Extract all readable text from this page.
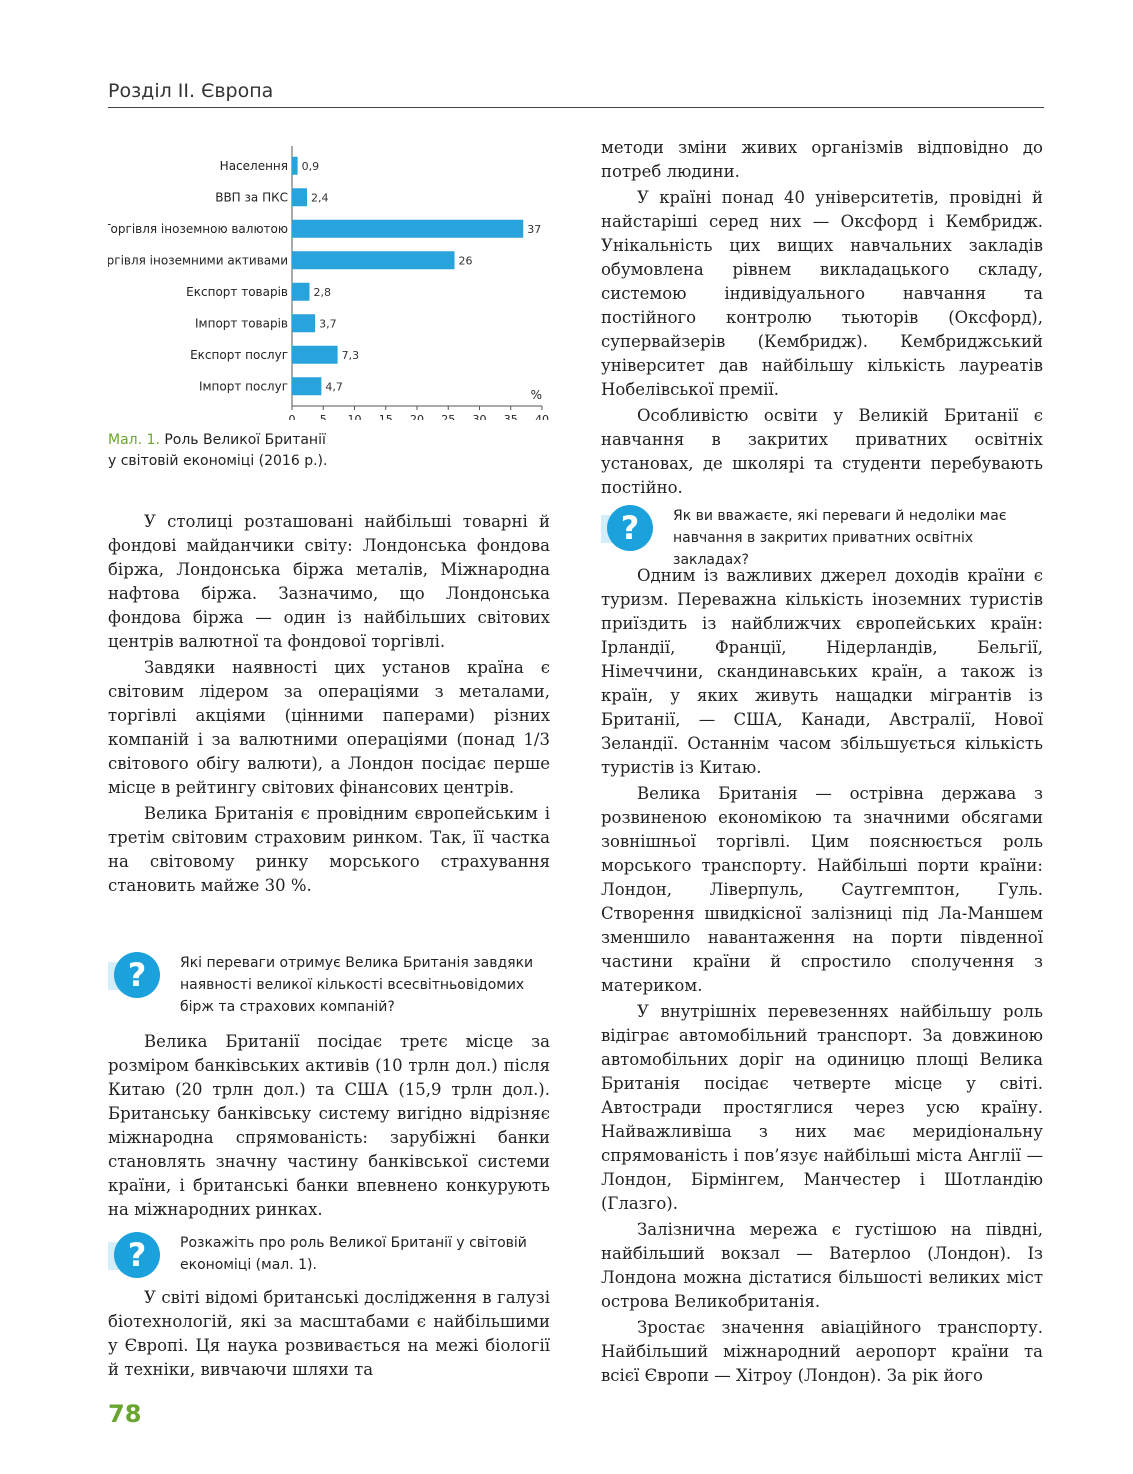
Розділ ІІ. Європа
Населення 0,9
ВВП за ПКС 2,4
Торгівля іноземною валютою	37
Торгівля іноземними активами	26
Експорт товарів 2,8
Імпорт товарів	3,7
Експорт послуг	7,3
Імпорт послуг	4,7
0 5 10 15 20 25 30 35 40
%
Мал. 1. Роль Великої Британії
у світовій економіці (2016 р.).

У столиці розташовані найбільші товарні й фондові майданчики світу: Лондонська фондова біржа, Лондонська біржа металів, Міжнародна нафтова біржа. Зазначимо, що Лондонська фондова біржа — один із найбільших світових центрів валютної та фондової торгівлі.

Завдяки наявності цих установ країна є світовим лідером за операціями з металами, торгівлі акціями (цінними паперами) різних компаній і за валютними операціями (понад 1/3 світового обігу валюти), а Лондон посідає перше місце в рейтингу світових фінансових центрів.

Велика Британія є провідним європейським і третім світовим страховим ринком. Так, її частка на світовому ринку морського страхування становить майже 30 %.

?	Які переваги отримує Велика Британія завдяки наявності великої кількості всесвітньовідомих бірж та страхових компаній?

Велика Британії посідає третє місце за розміром банківських активів (10 трлн дол.) після Китаю (20 трлн дол.) та США (15,9 трлн дол.). Британську банківську систему вигідно відрізняє міжнародна спрямованість: зарубіжні банки становлять значну частину банківської системи країни, і британські банки впевнено конкурують на міжнародних ринках.

?	Розкажіть про роль Великої Британії у світовій економіці (мал. 1).

У світі відомі британські дослідження в галузі біотехнологій, які за масштабами є найбільшими у Європі. Ця наука розвивається на межі біології й техніки, вивчаючи шляхи та

методи зміни живих організмів відповідно до потреб людини.

У країні понад 40 університетів, провідні й найстаріші серед них — Оксфорд і Кембридж. Унікальність цих вищих навчальних закладів обумовлена рівнем викладацького складу, системою індивідуального навчання та постійного контролю тьюторів (Оксфорд), супервайзерів (Кембридж). Кембриджський університет дав найбільшу кількість лауреатів Нобелівської премії.

Особливістю освіти у Великій Британії є навчання в закритих приватних освітніх установах, де школярі та студенти перебувають постійно.

?	Як ви вважаєте, які переваги й недоліки має навчання в закритих приватних освітніх закладах?

Одним із важливих джерел доходів країни є туризм. Переважна кількість іноземних туристів приїздить із найближчих європейських країн: Ірландії, Франції, Нідерландів, Бельгії, Німеччини, скандинавських країн, а також із країн, у яких живуть нащадки мігрантів із Британії, — США, Канади, Австралії, Нової Зеландії. Останнім часом збільшується кількість туристів із Китаю.

Велика Британія — острівна держава з розвиненою економікою та значними обсягами зовнішньої торгівлі. Цим пояснюється роль морського транспорту. Найбільші порти країни: Лондон, Ліверпуль, Саутгемптон, Гуль. Створення швидкісної залізниці під Ла-Маншем зменшило навантаження на порти південної частини країни й спростило сполучення з материком.

У внутрішніх перевезеннях найбільшу роль відіграє автомобільний транспорт. За довжиною автомобільних доріг на одиницю площі Велика Британія посідає четверте місце у світі. Автостради простяглися через усю країну. Найважливіша з них має меридіональну спрямованість і пов’язує найбільші міста Англії — Лондон, Бірмінгем, Манчестер і Шотландію (Глазго).

Залізнична мережа є густішою на півдні, найбільший вокзал — Ватерлоо (Лондон). Із Лондона можна дістатися більшості великих міст острова Великобританія.

Зростає значення авіаційного транспорту. Найбільший міжнародний аеропорт країни та всієї Європи — Хітроу (Лондон). За рік його

78
